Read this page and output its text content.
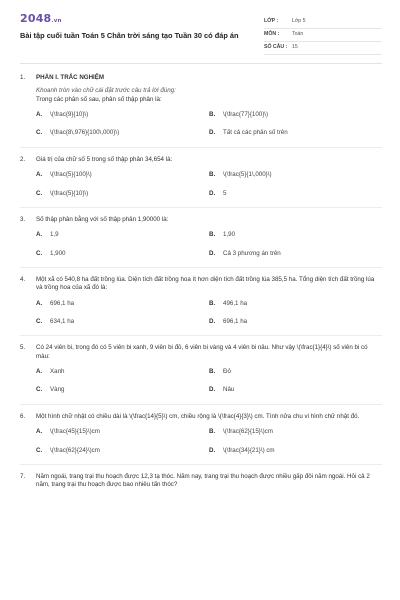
2048.vn
Bài tập cuối tuần Toán 5 Chân trời sáng tạo Tuần 30 có đáp án
LỚP :	Lớp 5
MÔN :	Toán
SỐ CÂU : 15
1.	PHẦN I. TRẮC NGHIỆM
Khoanh tròn vào chữ cái đặt trước câu trả lời đúng:
Trong các phân số sau, phân số thập phân là:
A.	\(\frac{9}{10}\)	B.	\(\frac{77}{100}\)
C.	\(\frac{8\,976}{100\,000}\)	D.	Tất cả các phân số trên
2.	Giá trị của chữ số 5 trong số thập phân 34,654 là:
A.	\(\frac{5}{100}\)	B.	\(\frac{5}{1\,000}\)
C.	\(\frac{5}{10}\)	D.	5
3.	Số thập phân bằng với số thập phân 1,90000 là:
A.	1,9	B.	1,90
C.	1,900	D.	Cả 3 phương án trên
4.	Một xã có 540,8 ha đất trồng lúa. Diện tích đất trồng hoa ít hơn diện tích đất trồng lúa 385,5 ha. Tổng diện tích đất trồng lúa và trồng hoa của xã đó là:
A.	696,1 ha	B.	496,1 ha
C.	634,1 ha	D.	696,1 ha
5.	Có 24 viên bi, trong đó có 5 viên bi xanh, 9 viên bi đỏ, 6 viên bi vàng và 4 viên bi nâu. Như vậy \(\frac{1}{4}\) số viên bi có màu:
A.	Xanh	B.	Đỏ
C.	Vàng	D.	Nâu
6.	Một hình chữ nhật có chiều dài là \(\frac{14}{5}\) cm, chiều rộng là \(\frac{4}{3}\) cm. Tính nửa chu vi hình chữ nhật đó.
A.	\(\frac{45}{15}\)cm	B.	\(\frac{62}{15}\)cm
C.	\(\frac{62}{24}\)cm	D.	\(\frac{34}{21}\) cm
7.	Năm ngoái, trang trại thu hoạch được 12,3 tạ thóc. Năm nay, trang trại thu hoạch được nhiều gấp đôi năm ngoái. Hỏi cả 2 năm, trang trại thu hoạch được bao nhiêu tấn thóc?
